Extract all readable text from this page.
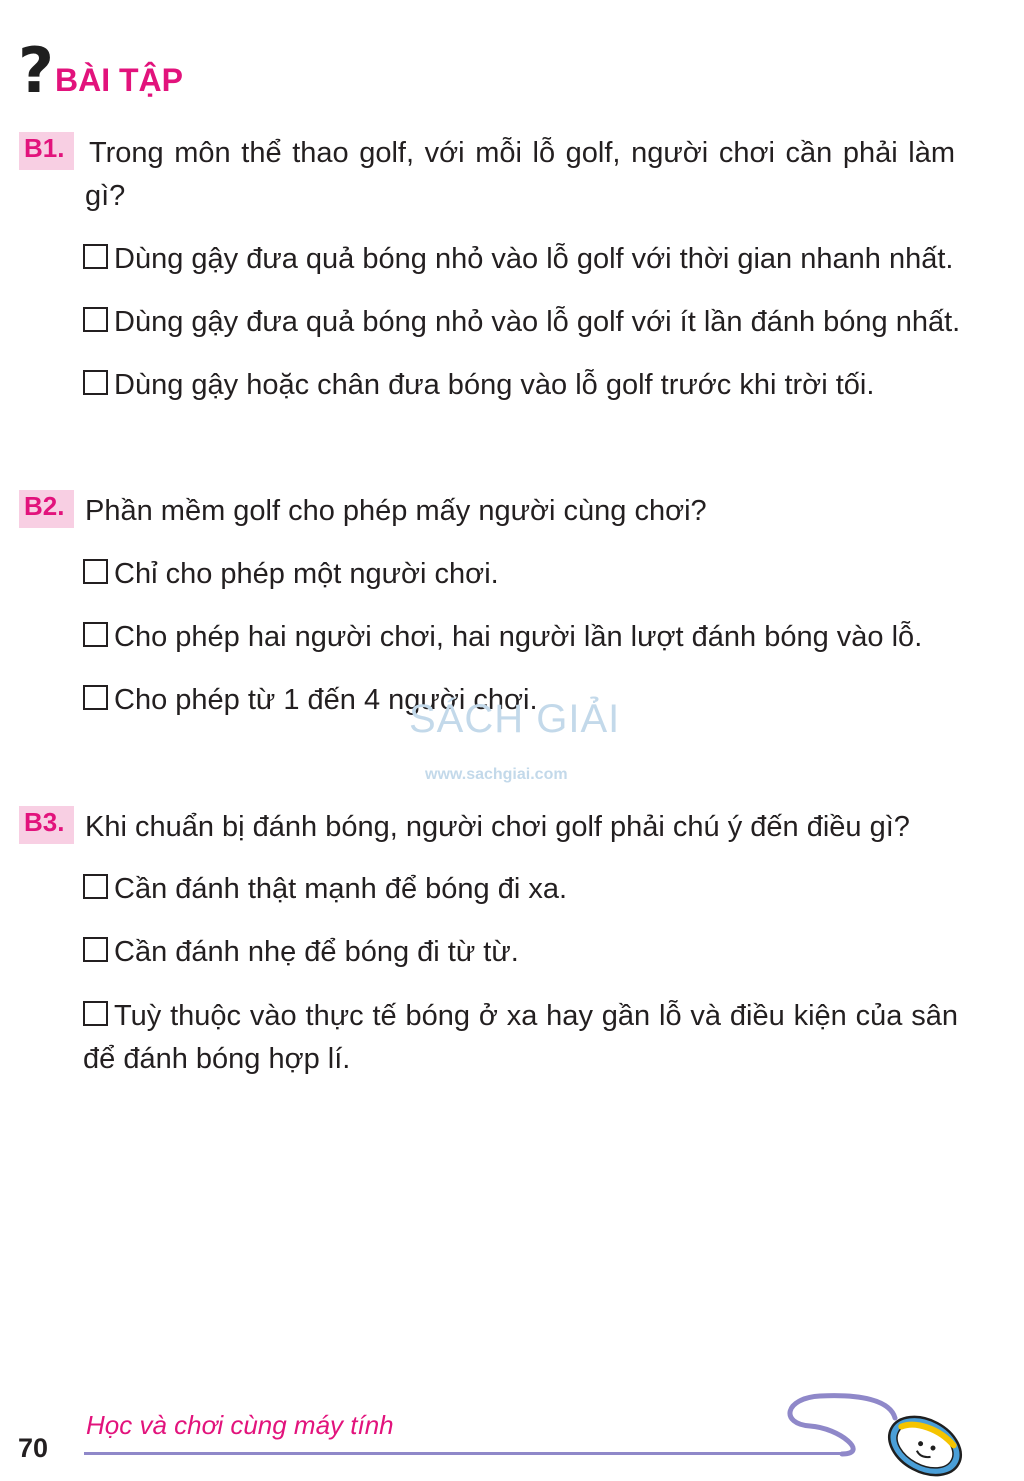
? BÀI TẬP
B1. Trong môn thể thao golf, với mỗi lỗ golf, người chơi cần phải làm gì?
Dùng gậy đưa quả bóng nhỏ vào lỗ golf với thời gian nhanh nhất.
Dùng gậy đưa quả bóng nhỏ vào lỗ golf với ít lần đánh bóng nhất.
Dùng gậy hoặc chân đưa bóng vào lỗ golf trước khi trời tối.
B2. Phần mềm golf cho phép mấy người cùng chơi?
Chỉ cho phép một người chơi.
Cho phép hai người chơi, hai người lần lượt đánh bóng vào lỗ.
Cho phép từ 1 đến 4 người chơi.
SÁCH GIẢI
www.sachgiai.com
B3. Khi chuẩn bị đánh bóng, người chơi golf phải chú ý đến điều gì?
Cần đánh thật mạnh để bóng đi xa.
Cần đánh nhẹ để bóng đi từ từ.
Tuỳ thuộc vào thực tế bóng ở xa hay gần lỗ và điều kiện của sân để đánh bóng hợp lí.
70
Học và chơi cùng máy tính
